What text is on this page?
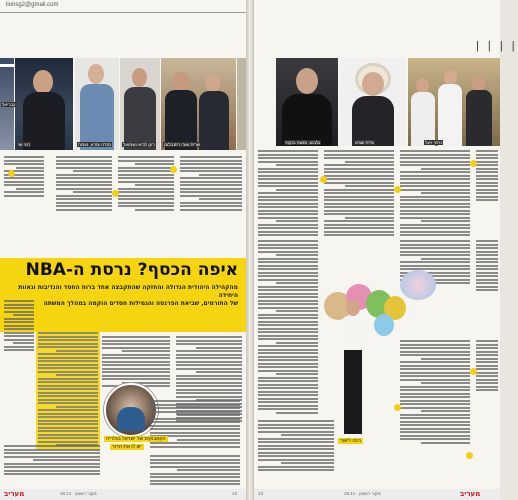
lionsg2@gmail.com
רוני שי	סנדה עזרא, נעמה	רונן לביא ושמואל שרית ואבי רוזנבלום
גבריאל
איפה הכסף? נרסת ה-NBA
מהקהילה היהודית הגדולה והחזקה שהתקבצה אחד ברוח החסד והנדיבות וגאוות היחידה
של התורמים, שביאת הפרנסה והגמילות חסדים הוקמה במהלך המשתה
הקאבוקים של ישראל בגלריה
יש לו את הדור
מעריב	מקור ראשון · 18.11	12
| | | |
גלבוע, ומשה בוקאי	גלית שגיא	כרמי ויעל
נינה ליאור
13	מקור ראשון · 18.11	מעריב
